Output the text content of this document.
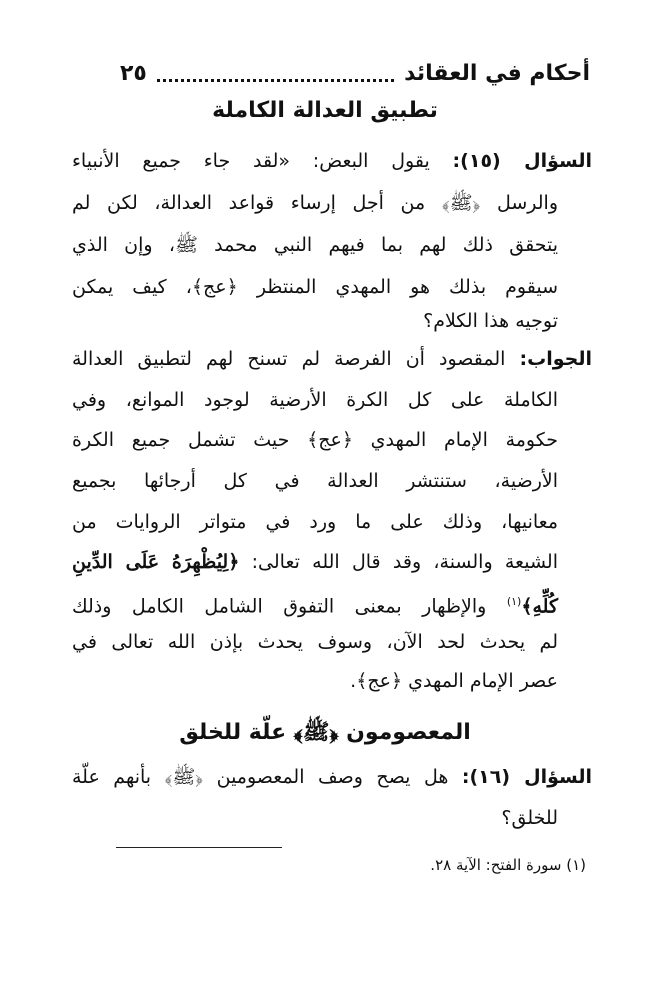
أحكام في العقائد
٢٥
تطبيق العدالة الكاملة
السؤال (١٥): يقول البعض: «لقد جاء جميع الأنبياء
والرسل ﴿ﷺ﴾ من أجل إرساء قواعد العدالة، لكن لم
يتحقق ذلك لهم بما فيهم النبي محمد ﷺ، وإن الذي
سيقوم بذلك هو المهدي المنتظر ﴿عج﴾، كيف يمكن
توجيه هذا الكلام؟
الجواب: المقصود أن الفرصة لم تسنح لهم لتطبيق العدالة
الكاملة على كل الكرة الأرضية لوجود الموانع، وفي
حكومة الإمام المهدي ﴿عج﴾ حيث تشمل جميع الكرة
الأرضية، ستنتشر العدالة في كل أرجائها بجميع
معانيها، وذلك على ما ورد في متواتر الروايات من
الشيعة والسنة، وقد قال الله تعالى: ﴿لِيُظْهِرَهُ عَلَى الدِّينِ
كُلِّهِ﴾$^{(١)}$ والإظهار بمعنى التفوق الشامل الكامل وذلك
لم يحدث لحد الآن، وسوف يحدث بإذن الله تعالى في
عصر الإمام المهدي ﴿عج﴾.
المعصومون ﴿ﷺ﴾ علّة للخلق
السؤال (١٦): هل يصح وصف المعصومين ﴿ﷺ﴾ بأنهم علّة
للخلق؟
(١) سورة الفتح: الآية ٢٨.
